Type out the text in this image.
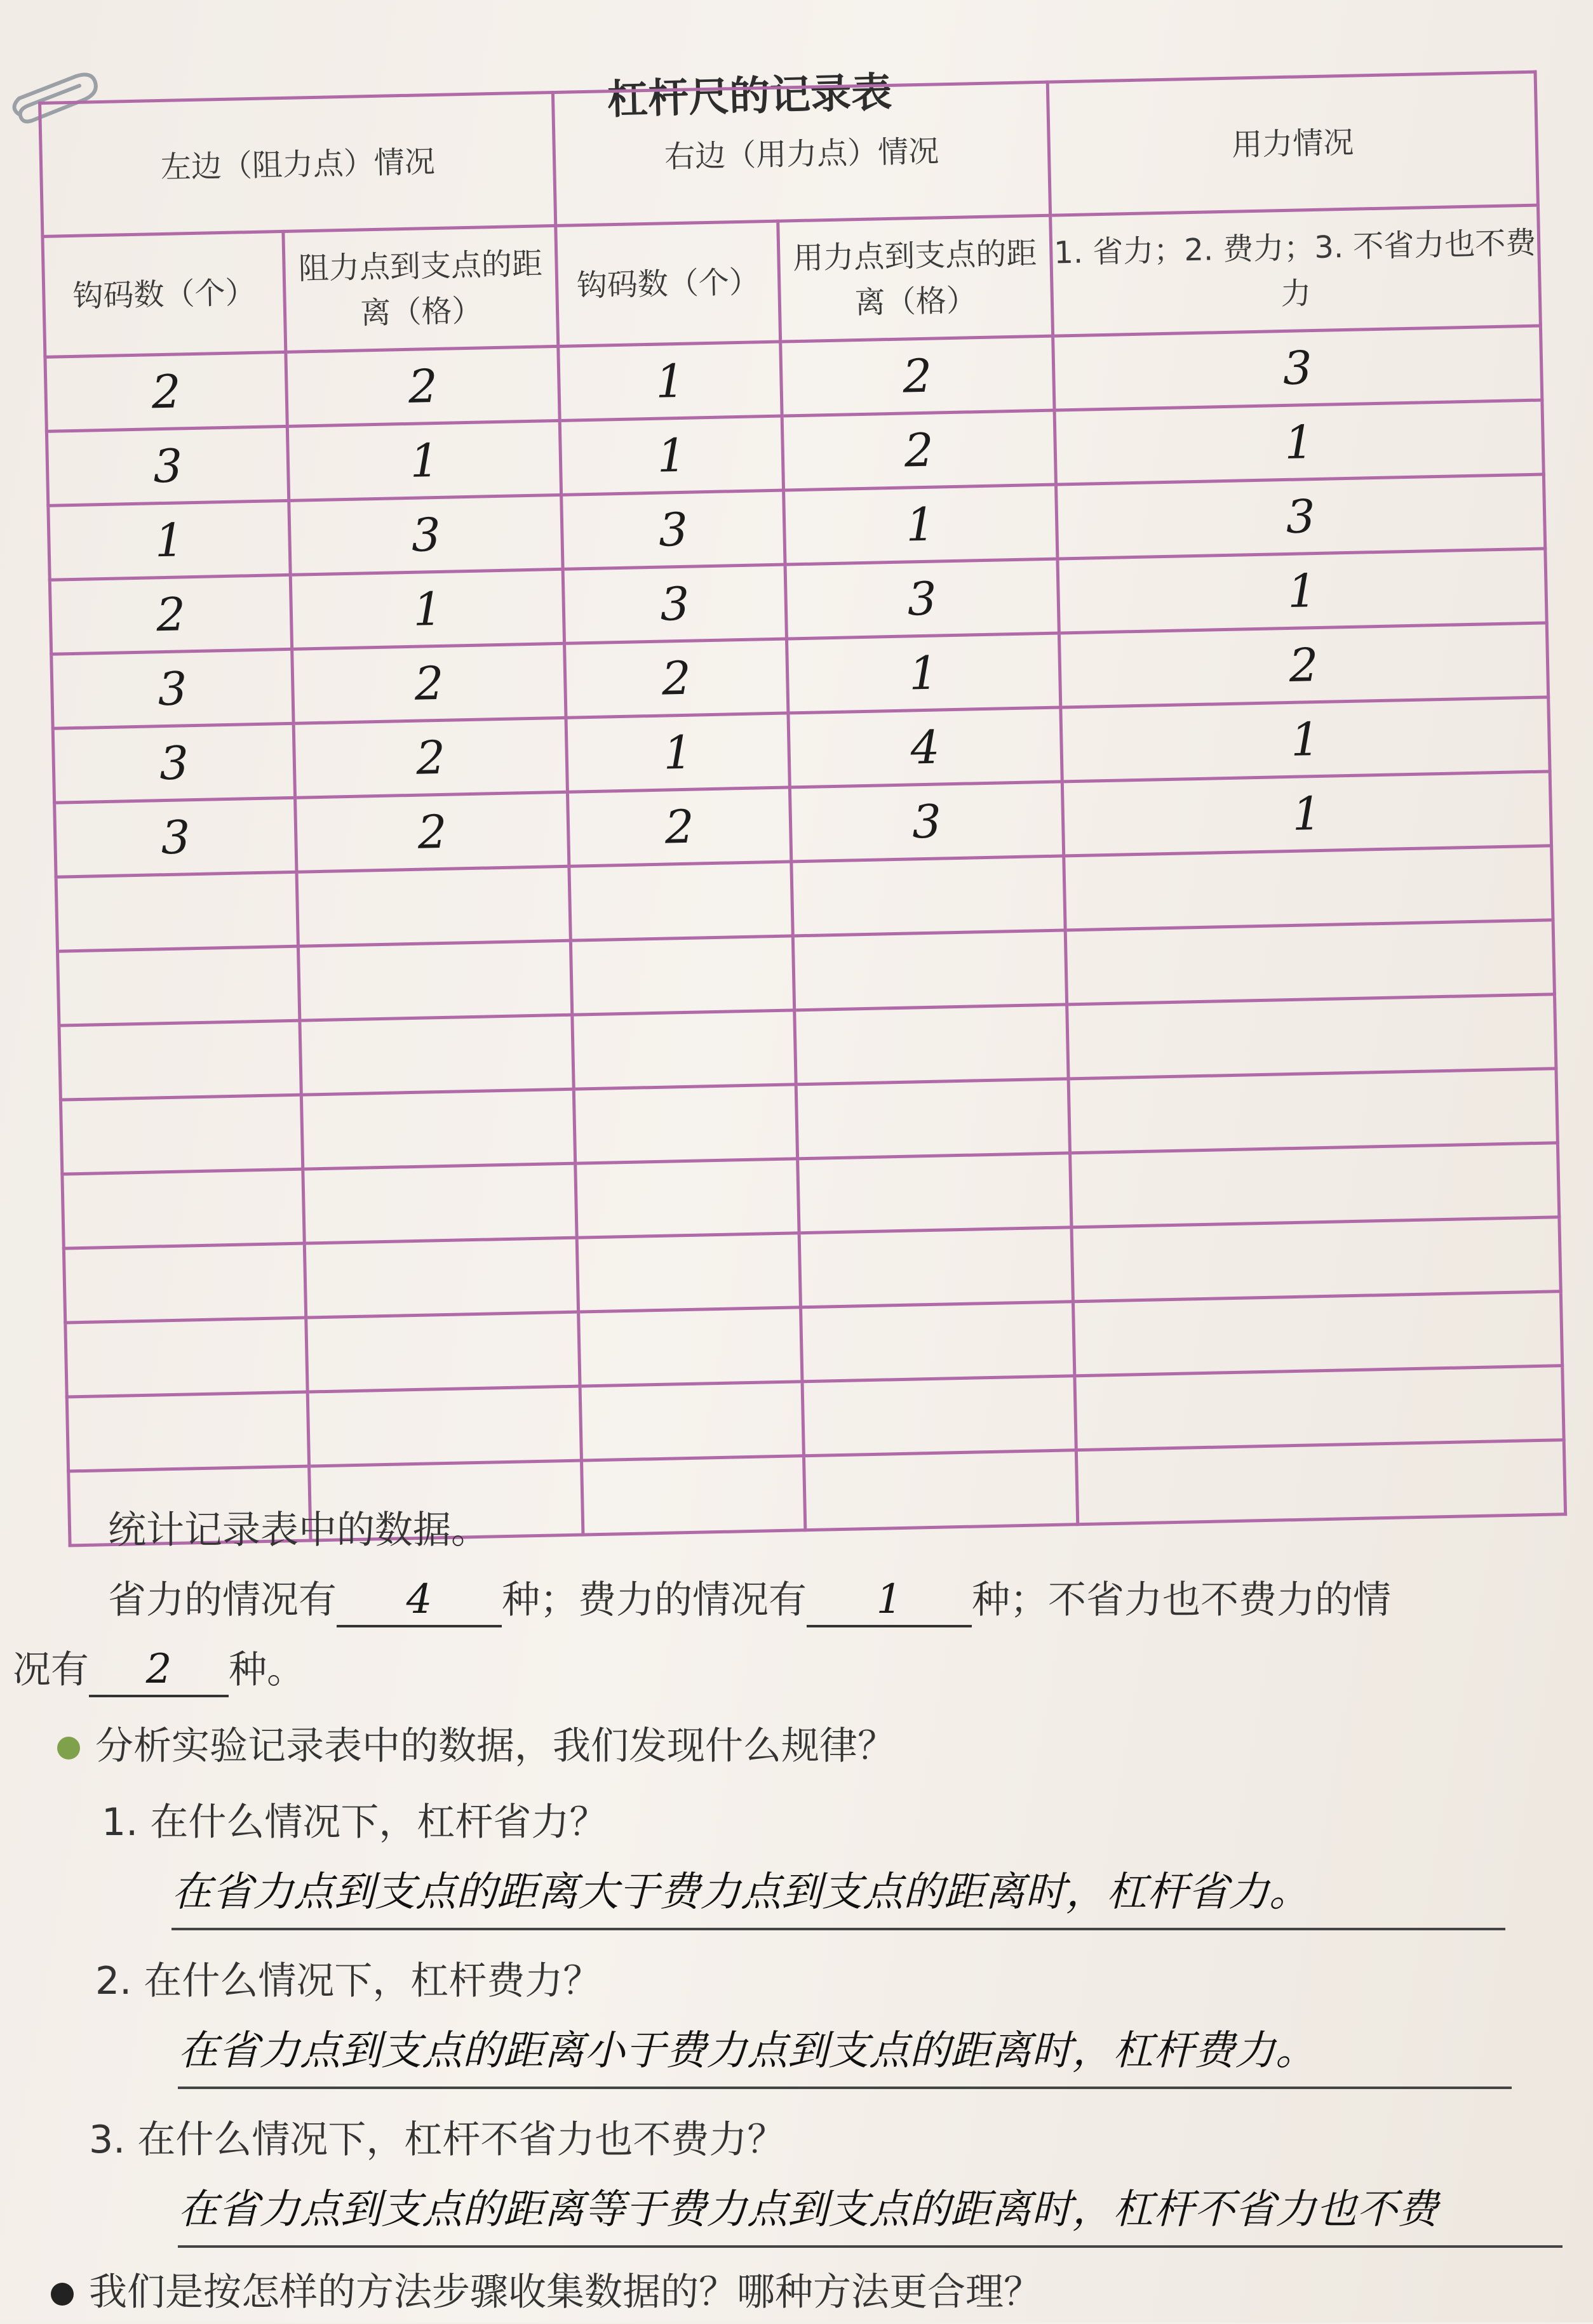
杠杆尺的记录表
左边（阻力点）情况		右边（用力点）情况		用力情况
钩码数（个）	阻力点到支点的距离（格）	钩码数（个）	用力点到支点的距离（格）	1. 省力；2. 费力；3. 不省力也不费力
2	2	1	2	3
3	1	1	2	1
1	3	3	1	3
2	1	3	3	1
3	2	2	1	2
3	2	1	4	1
3	2	2	3	1

统计记录表中的数据。
省力的情况有 4 种；费力的情况有 1 种；不省力也不费力的情
况有 2 种。
分析实验记录表中的数据，我们发现什么规律？
1. 在什么情况下，杠杆省力？
在省力点到支点的距离大于费力点到支点的距离时，杠杆省力。
2. 在什么情况下，杠杆费力？
在省力点到支点的距离小于费力点到支点的距离时，杠杆费力。
3. 在什么情况下，杠杆不省力也不费力？
在省力点到支点的距离等于费力点到支点的距离时，杠杆不省力也不费
我们是按怎样的方法步骤收集数据的？哪种方法更合理？
